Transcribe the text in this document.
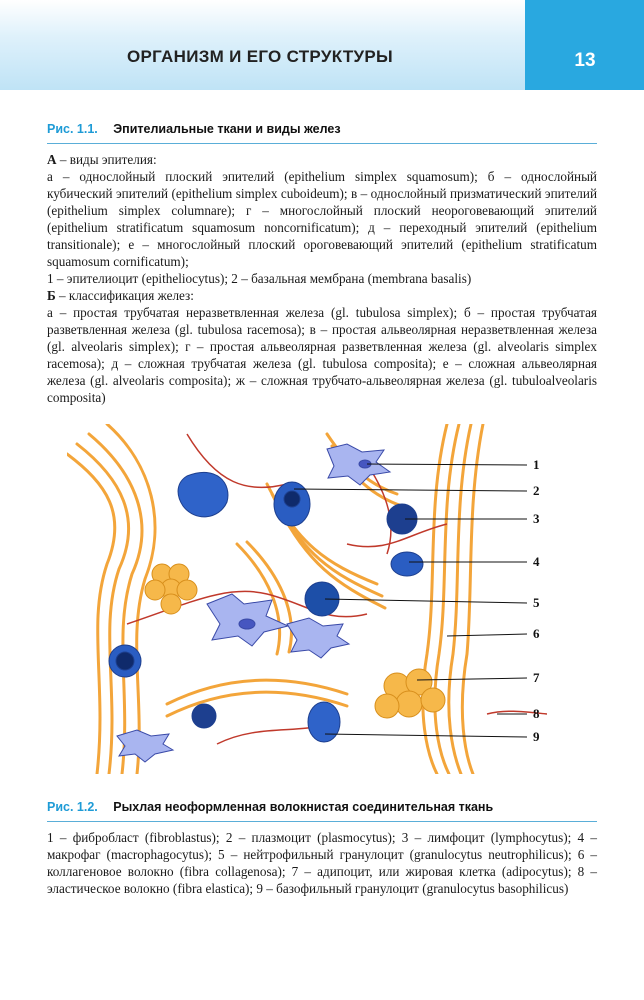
ОРГАНИЗМ И ЕГО СТРУКТУРЫ	13
Рис. 1.1. Эпителиальные ткани и виды желез

А – виды эпителия:

а – однослойный плоский эпителий (epithelium simplex squamosum); б – однослойный кубический эпителий (epithelium simplex cuboideum); в – однослойный призматический эпителий (epithelium simplex columnare); г – многослойный плоский неороговевающий эпителий (epithelium stratificatum squamosum noncornificatum); д – переходный эпителий (epithelium transitionale); е – многослойный плоский ороговевающий эпителий (epithelium stratificatum squamosum cornificatum);

1 – эпителиоцит (epitheliocytus); 2 – базальная мембрана (membrana basalis)

Б – классификация желез:

а – простая трубчатая неразветвленная железа (gl. tubulosa simplex); б – простая трубчатая разветвленная железа (gl. tubulosa racemosa); в – простая альвеолярная неразветвленная железа (gl. alveolaris simplex); г – простая альвеолярная разветвленная железа (gl. alveolaris simplex racemosa); д – сложная трубчатая железа (gl. tubulosa composita); е – сложная альвеолярная железа (gl. alveolaris composita); ж – сложная трубчато-альвеолярная железа (gl. tubuloalveolaris composita)

1
2
3
4
5
6
7
8
9
Рис. 1.2. Рыхлая неоформленная волокнистая соединительная ткань

1 – фибробласт (fibroblastus); 2 – плазмоцит (plasmocytus); 3 – лимфоцит (lymphocytus); 4 – макрофаг (macrophagocytus); 5 – нейтрофильный гранулоцит (granulocytus neutrophilicus); 6 – коллагеновое волокно (fibra collagenosa); 7 – адипоцит, или жировая клетка (adipocytus); 8 – эластическое волокно (fibra elastica); 9 – базофильный гранулоцит (granulocytus basophilicus)
